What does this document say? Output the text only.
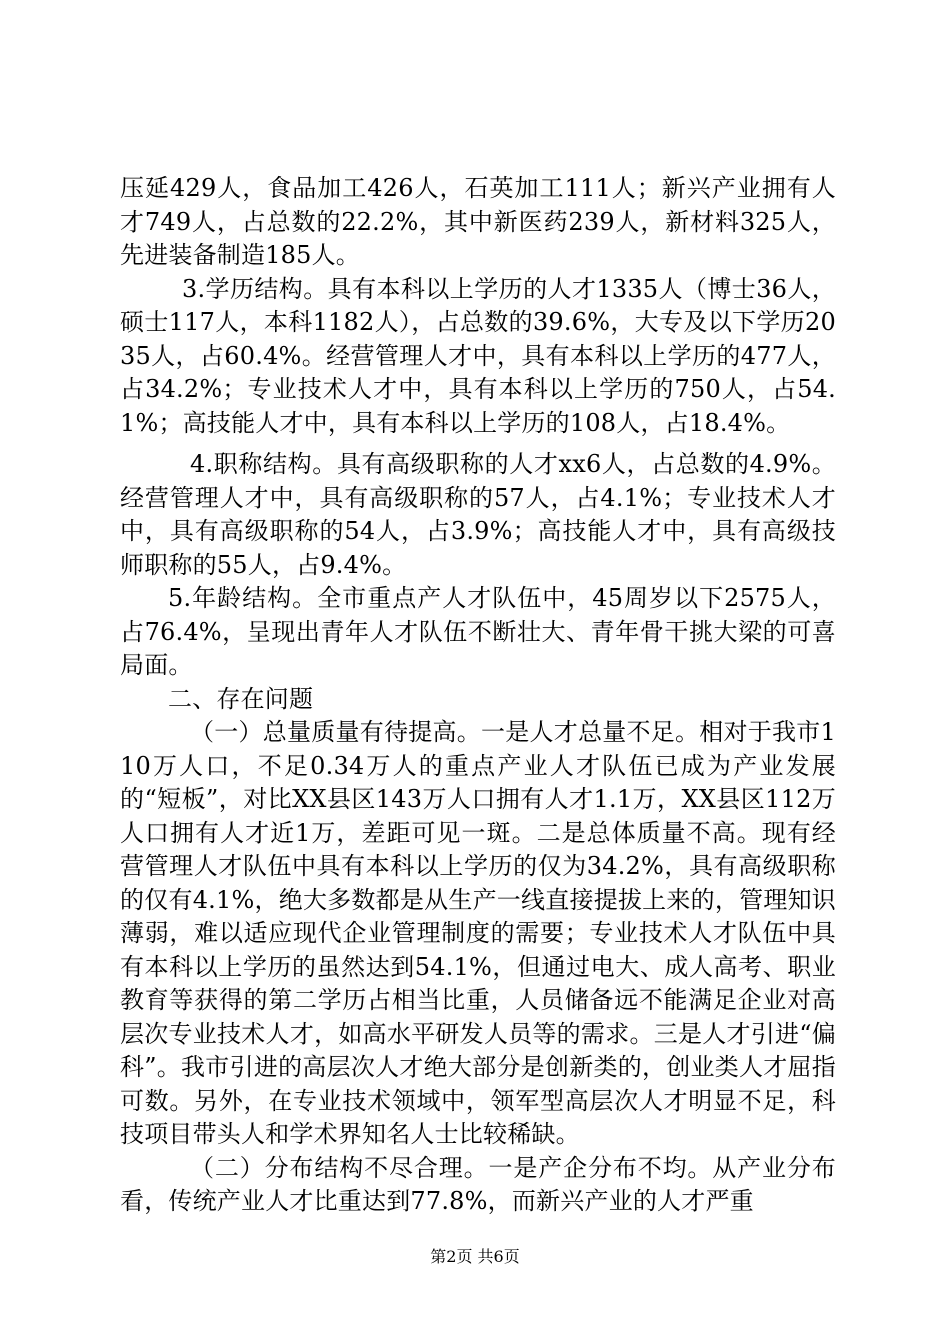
压延429人，食品加工426人，石英加工111人；新兴产业拥有人才749人，占总数的22.2%，其中新医药239人，新材料325人，先进装备制造185人。

3.学历结构。具有本科以上学历的人才1335人（博士36人，硕士117人，本科1182人），占总数的39.6%，大专及以下学历2035人，占60.4%。经营管理人才中，具有本科以上学历的477人，占34.2%；专业技术人才中，具有本科以上学历的750人，占54.1%；高技能人才中，具有本科以上学历的108人，占18.4%。

4.职称结构。具有高级职称的人才xx6人，占总数的4.9%。经营管理人才中，具有高级职称的57人，占4.1%；专业技术人才中，具有高级职称的54人，占3.9%；高技能人才中，具有高级技师职称的55人，占9.4%。

5.年龄结构。全市重点产人才队伍中，45周岁以下2575人，占76.4%，呈现出青年人才队伍不断壮大、青年骨干挑大梁的可喜局面。

二、存在问题

（一）总量质量有待提高。一是人才总量不足。相对于我市110万人口，不足0.34万人的重点产业人才队伍已成为产业发展的“短板”，对比XX县区143万人口拥有人才1.1万，XX县区112万人口拥有人才近1万，差距可见一斑。二是总体质量不高。现有经营管理人才队伍中具有本科以上学历的仅为34.2%，具有高级职称的仅有4.1%，绝大多数都是从生产一线直接提拔上来的，管理知识薄弱，难以适应现代企业管理制度的需要；专业技术人才队伍中具有本科以上学历的虽然达到54.1%，但通过电大、成人高考、职业教育等获得的第二学历占相当比重，人员储备远不能满足企业对高层次专业技术人才，如高水平研发人员等的需求。三是人才引进“偏科”。我市引进的高层次人才绝大部分是创新类的，创业类人才屈指可数。另外，在专业技术领域中，领军型高层次人才明显不足，科技项目带头人和学术界知名人士比较稀缺。

（二）分布结构不尽合理。一是产企分布不均。从产业分布看，传统产业人才比重达到77.8%，而新兴产业的人才严重

第2页 共6页
